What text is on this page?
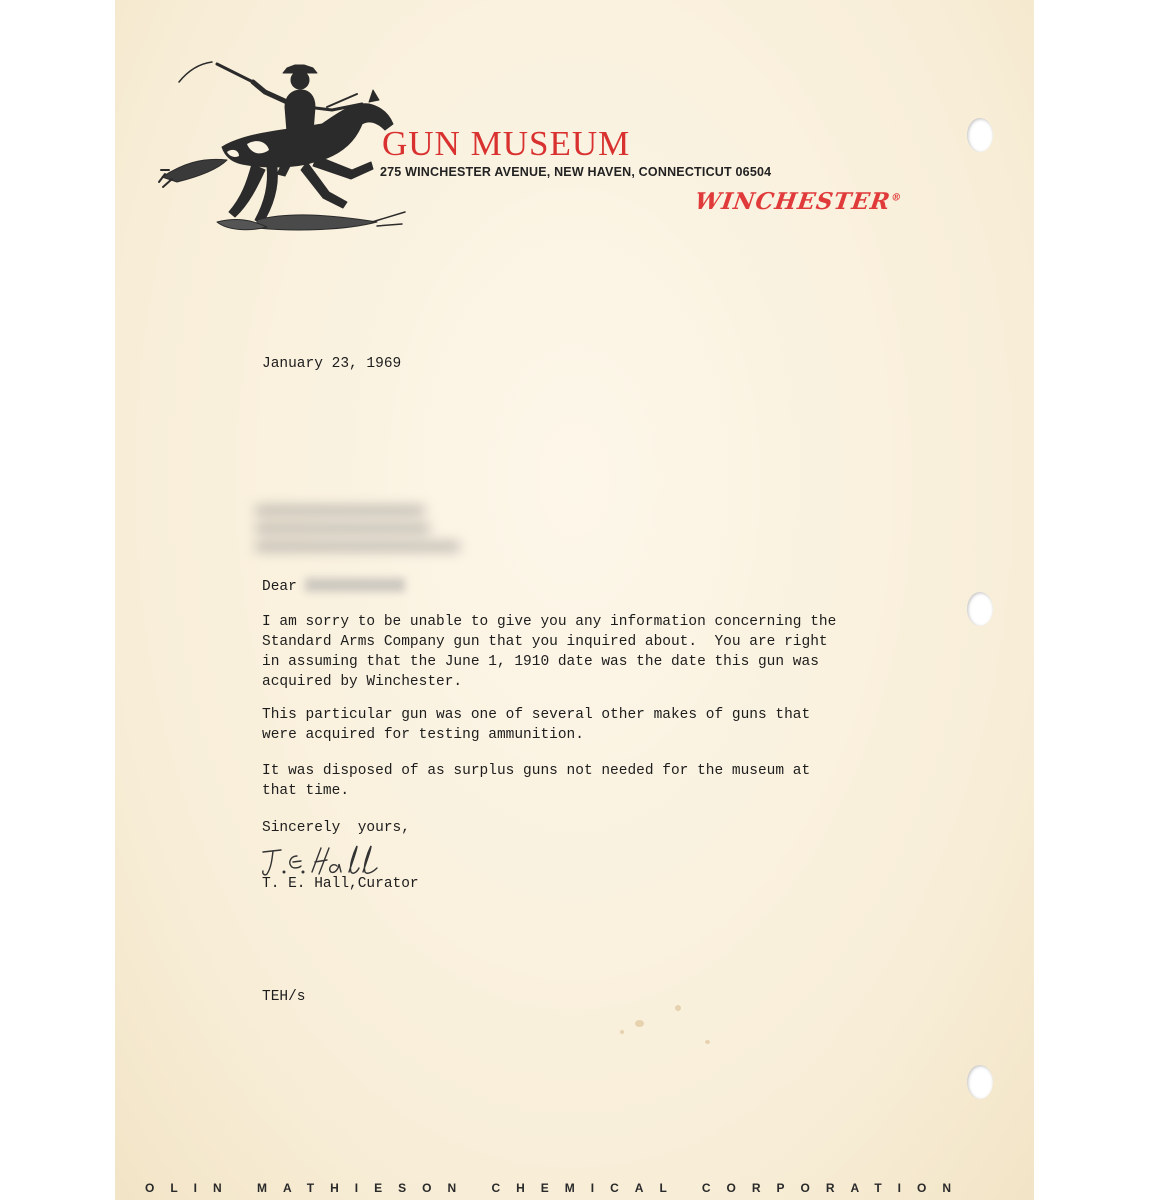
GUN MUSEUM
275 WINCHESTER AVENUE, NEW HAVEN, CONNECTICUT 06504
WINCHESTER®
January 23, 1969
Dear
I am sorry to be unable to give you any information concerning the
Standard Arms Company gun that you inquired about.  You are right
in assuming that the June 1, 1910 date was the date this gun was
acquired by Winchester.
This particular gun was one of several other makes of guns that
were acquired for testing ammunition.
It was disposed of as surplus guns not needed for the museum at
that time.
Sincerely  yours,
T. E. Hall,Curator
TEH/s
OLIN MATHIESON CHEMICAL CORPORATION
